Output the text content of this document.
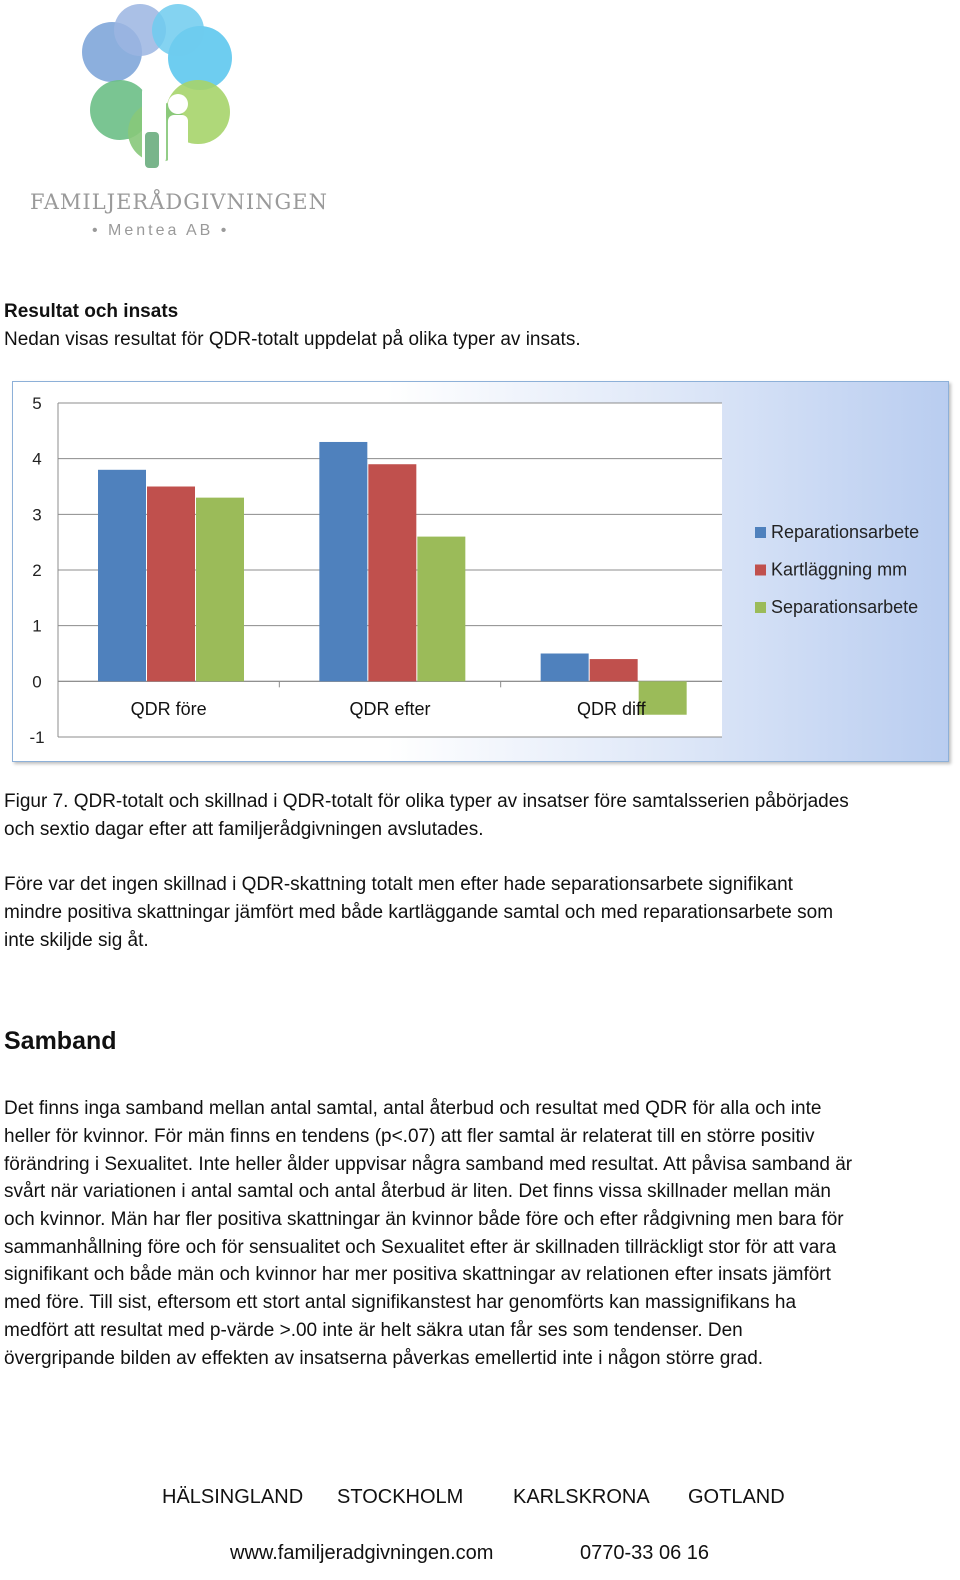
FAMILJERÅDGIVNINGEN
• Mentea AB •
Resultat och insats
Nedan visas resultat för QDR-totalt uppdelat på olika typer av insats.
5
4
3
2
1
0
-1
QDR före	QDR efter	QDR diff
Reparationsarbete
Kartläggning mm
Separationsarbete
Figur 7. QDR-totalt och skillnad i QDR-totalt för olika typer av insatser före samtalsserien påbörjades
och sextio dagar efter att familjerådgivningen avslutades.
Före var det ingen skillnad i QDR-skattning totalt men efter hade separationsarbete signifikant
mindre positiva skattningar jämfört med både kartläggande samtal och med reparationsarbete som
inte skiljde sig åt.
Samband
Det finns inga samband mellan antal samtal, antal återbud och resultat med QDR för alla och inte
heller för kvinnor. För män finns en tendens (p<.07) att fler samtal är relaterat till en större positiv
förändring i Sexualitet. Inte heller ålder uppvisar några samband med resultat. Att påvisa samband är
svårt när variationen i antal samtal och antal återbud är liten. Det finns vissa skillnader mellan män
och kvinnor. Män har fler positiva skattningar än kvinnor både före och efter rådgivning men bara för
sammanhållning före och för sensualitet och Sexualitet efter är skillnaden tillräckligt stor för att vara
signifikant och både män och kvinnor har mer positiva skattningar av relationen efter insats jämfört
med före. Till sist, eftersom ett stort antal signifikanstest har genomförts kan massignifikans ha
medfört att resultat med p-värde >.00 inte är helt säkra utan får ses som tendenser. Den
övergripande bilden av effekten av insatserna påverkas emellertid inte i någon större grad.
HÄLSINGLAND STOCKHOLM KARLSKRONA GOTLAND
www.familjeradgivningen.com	0770-33 06 16
